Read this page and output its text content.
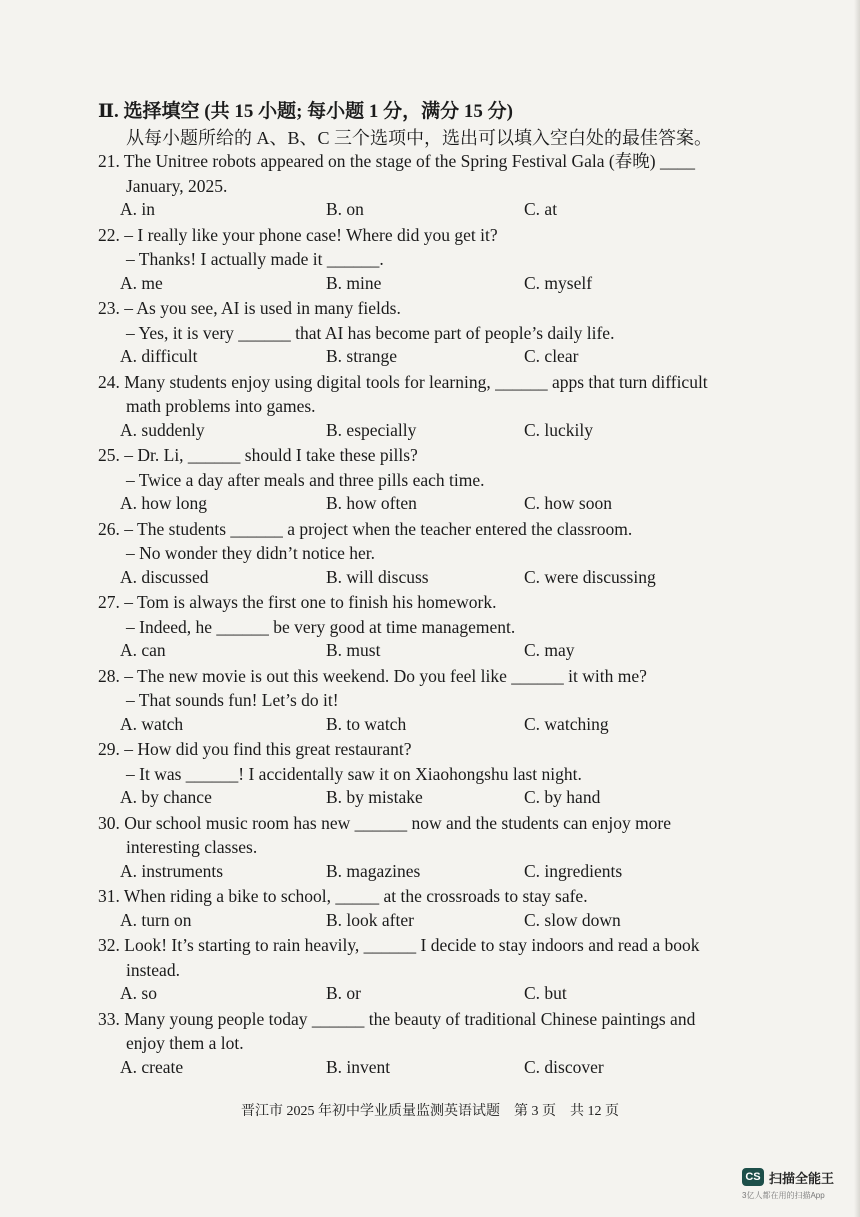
Ⅱ. 选择填空 (共 15 小题; 每小题 1 分，满分 15 分)
从每小题所给的 A、B、C 三个选项中，选出可以填入空白处的最佳答案。
21. The Unitree robots appeared on the stage of the Spring Festival Gala (春晚) ____
January, 2025.
A. in	B. on	C. at
22. – I really like your phone case! Where did you get it?
– Thanks! I actually made it ______.
A. me	B. mine	C. myself
23. – As you see, AI is used in many fields.
– Yes, it is very ______ that AI has become part of people’s daily life.
A. difficult	B. strange	C. clear
24. Many students enjoy using digital tools for learning, ______ apps that turn difficult
math problems into games.
A. suddenly	B. especially	C. luckily
25. – Dr. Li, ______ should I take these pills?
– Twice a day after meals and three pills each time.
A. how long	B. how often	C. how soon
26. – The students ______ a project when the teacher entered the classroom.
– No wonder they didn’t notice her.
A. discussed	B. will discuss	C. were discussing
27. – Tom is always the first one to finish his homework.
– Indeed, he ______ be very good at time management.
A. can	B. must	C. may
28. – The new movie is out this weekend. Do you feel like ______ it with me?
– That sounds fun! Let’s do it!
A. watch	B. to watch	C. watching
29. – How did you find this great restaurant?
– It was ______! I accidentally saw it on Xiaohongshu last night.
A. by chance	B. by mistake	C. by hand
30. Our school music room has new ______ now and the students can enjoy more
interesting classes.
A. instruments	B. magazines	C. ingredients
31. When riding a bike to school, _____ at the crossroads to stay safe.
A. turn on	B. look after	C. slow down
32. Look! It’s starting to rain heavily, ______ I decide to stay indoors and read a book
instead.
A. so	B. or	C. but
33. Many young people today ______ the beauty of traditional Chinese paintings and
enjoy them a lot.
A. create	B. invent	C. discover
晋江市 2025 年初中学业质量监测英语试题　第 3 页　共 12 页
CS 扫描全能王
3亿人都在用的扫描App
